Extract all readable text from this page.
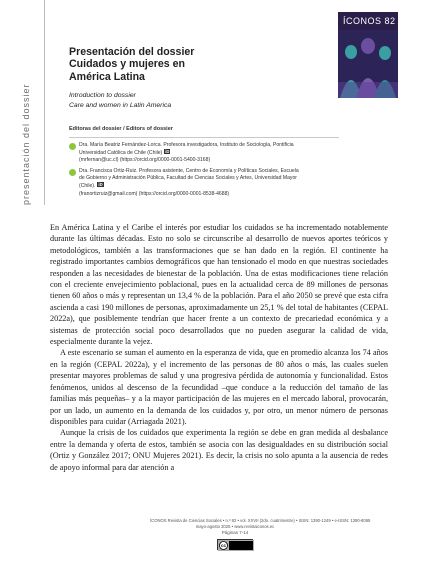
presentación del dossier
ÍCONOS 82
Presentación del dossier
Cuidados y mujeres en
América Latina
Introduction to dossier
Care and women in Latin America
Editoras del dossier / Editors of dossier
Dra. María Beatriz Fernández-Lorca. Profesora investigadora, Instituto de Sociología, Pontificia
Universidad Católica de Chile (Chile) iD
(mrfernan@uc.cl) (https://orcid.org/0000-0001-5400-3168)
Dra. Francisca Ortiz-Ruiz. Profesora asistente, Centro de Economía y Políticas Sociales, Escuela
de Gobierno y Administración Pública, Facultad de Ciencias Sociales y Artes, Universidad Mayor
(Chile). iD
(franortizruiz@gmail.com) (https://orcid.org/0000-0001-8538-4688)

En América Latina y el Caribe el interés por estudiar los cuidados se ha incrementado notablemente durante las últimas décadas. Esto no solo se circunscribe al desarrollo de nuevos aportes teóricos y metodológicos, también a las transformaciones que se han dado en la región. El continente ha registrado importantes cambios demográficos que han tensionado el modo en que nuestras sociedades responden a las necesidades de bienestar de la población. Una de estas modificaciones tiene relación con el creciente envejecimiento poblacional, pues en la actualidad cerca de 89 millones de personas tienen 60 años o más y representan un 13,4 % de la población. Para el año 2050 se prevé que esta cifra ascienda a casi 190 millones de personas, aproximadamente un 25,1 % del total de habitantes (CEPAL 2022a), que posiblemente tendrían que hacer frente a un contexto de precariedad económica y a sistemas de protección social poco desarrollados que no pueden asegurar la calidad de vida, especialmente durante la vejez.

A este escenario se suman el aumento en la esperanza de vida, que en promedio alcanza los 74 años en la región (CEPAL 2022a), y el incremento de las personas de 80 años o más, las cuales suelen presentar mayores problemas de salud y una progresiva pérdida de autonomía y funcionalidad. Estos fenómenos, unidos al descenso de la fecundidad –que conduce a la reducción del tamaño de las familias más pequeñas– y a la mayor participación de las mujeres en el mercado laboral, provocarán, por un lado, un aumento en la demanda de los cuidados y, por otro, un menor número de personas disponibles para cuidar (Arriagada 2021).

Aunque la crisis de los cuidados que experimenta la región se debe en gran medida al desbalance entre la demanda y oferta de estos, también se asocia con las desigualdades en su distribución social (Ortiz y González 2017; ONU Mujeres 2021). Es decir, la crisis no solo apunta a la ausencia de redes de apoyo informal para dar atención a

ÍCONOS Revista de Ciencias Sociales • n.º 82 • vol. XXVII (2do. cuatrimestre) • ISSN: 1390-1249 • e-ISSN: 1390-8065
mayo-agosto 2025 • www.revistaiconos.ec
Páginas 7-14
cc
